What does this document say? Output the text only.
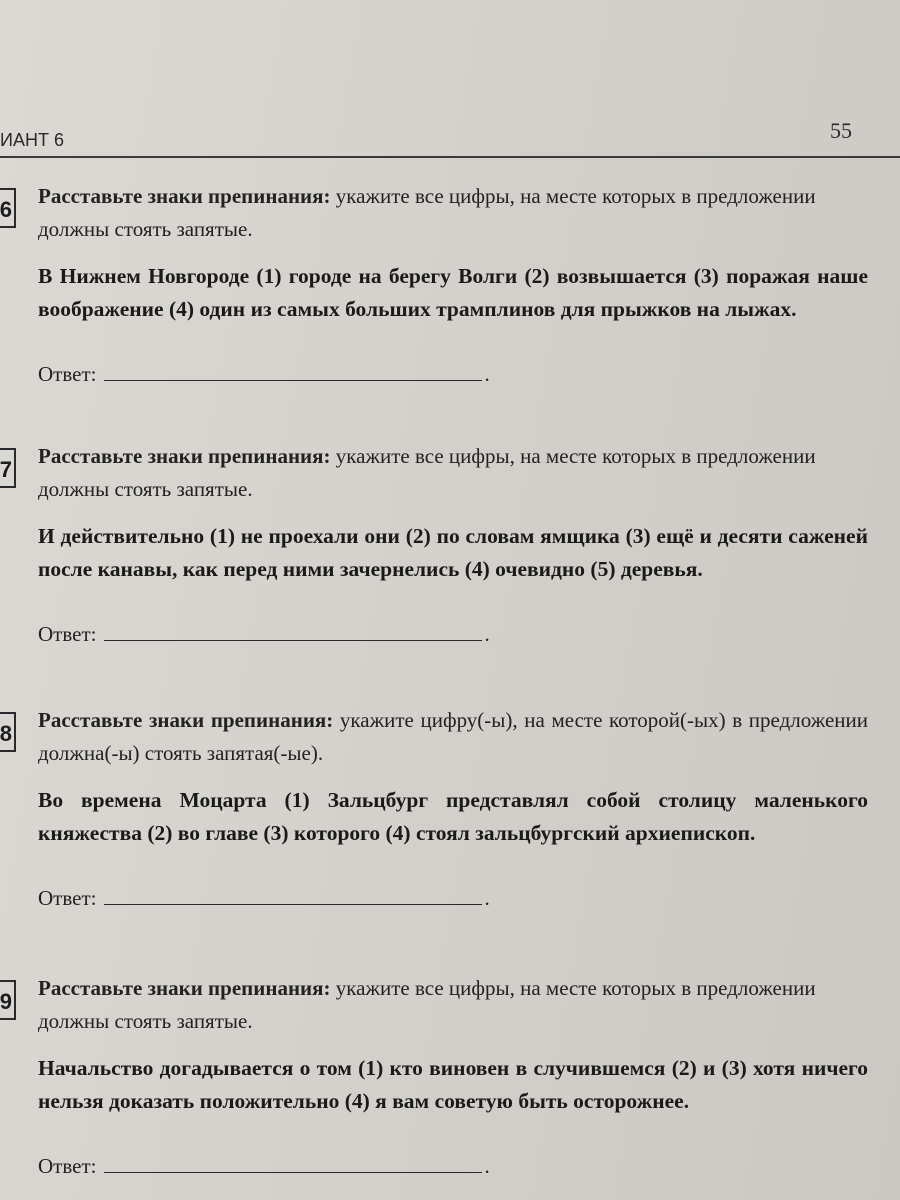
ИАНТ 6	55
6

Расставьте знаки препинания: укажите все цифры, на месте которых в предложении должны стоять запятые.

В Нижнем Новгороде (1) городе на берегу Волги (2) возвышается (3) поражая наше воображение (4) один из самых больших трамплинов для прыжков на лыжах.

Ответ:	.
7

Расставьте знаки препинания: укажите все цифры, на месте которых в предложении должны стоять запятые.

И действительно (1) не проехали они (2) по словам ямщика (3) ещё и десяти саженей после канавы, как перед ними зачернелись (4) очевидно (5) деревья.

Ответ:	.
8

Расставьте знаки препинания: укажите цифру(-ы), на месте которой(-ых) в предложении должна(-ы) стоять запятая(-ые).

Во времена Моцарта (1) Зальцбург представлял собой столицу маленького княжества (2) во главе (3) которого (4) стоял зальцбургский архиепископ.

Ответ:	.
9

Расставьте знаки препинания: укажите все цифры, на месте которых в предложении должны стоять запятые.

Начальство догадывается о том (1) кто виновен в случившемся (2) и (3) хотя ничего нельзя доказать положительно (4) я вам советую быть осторожнее.

Ответ:	.
